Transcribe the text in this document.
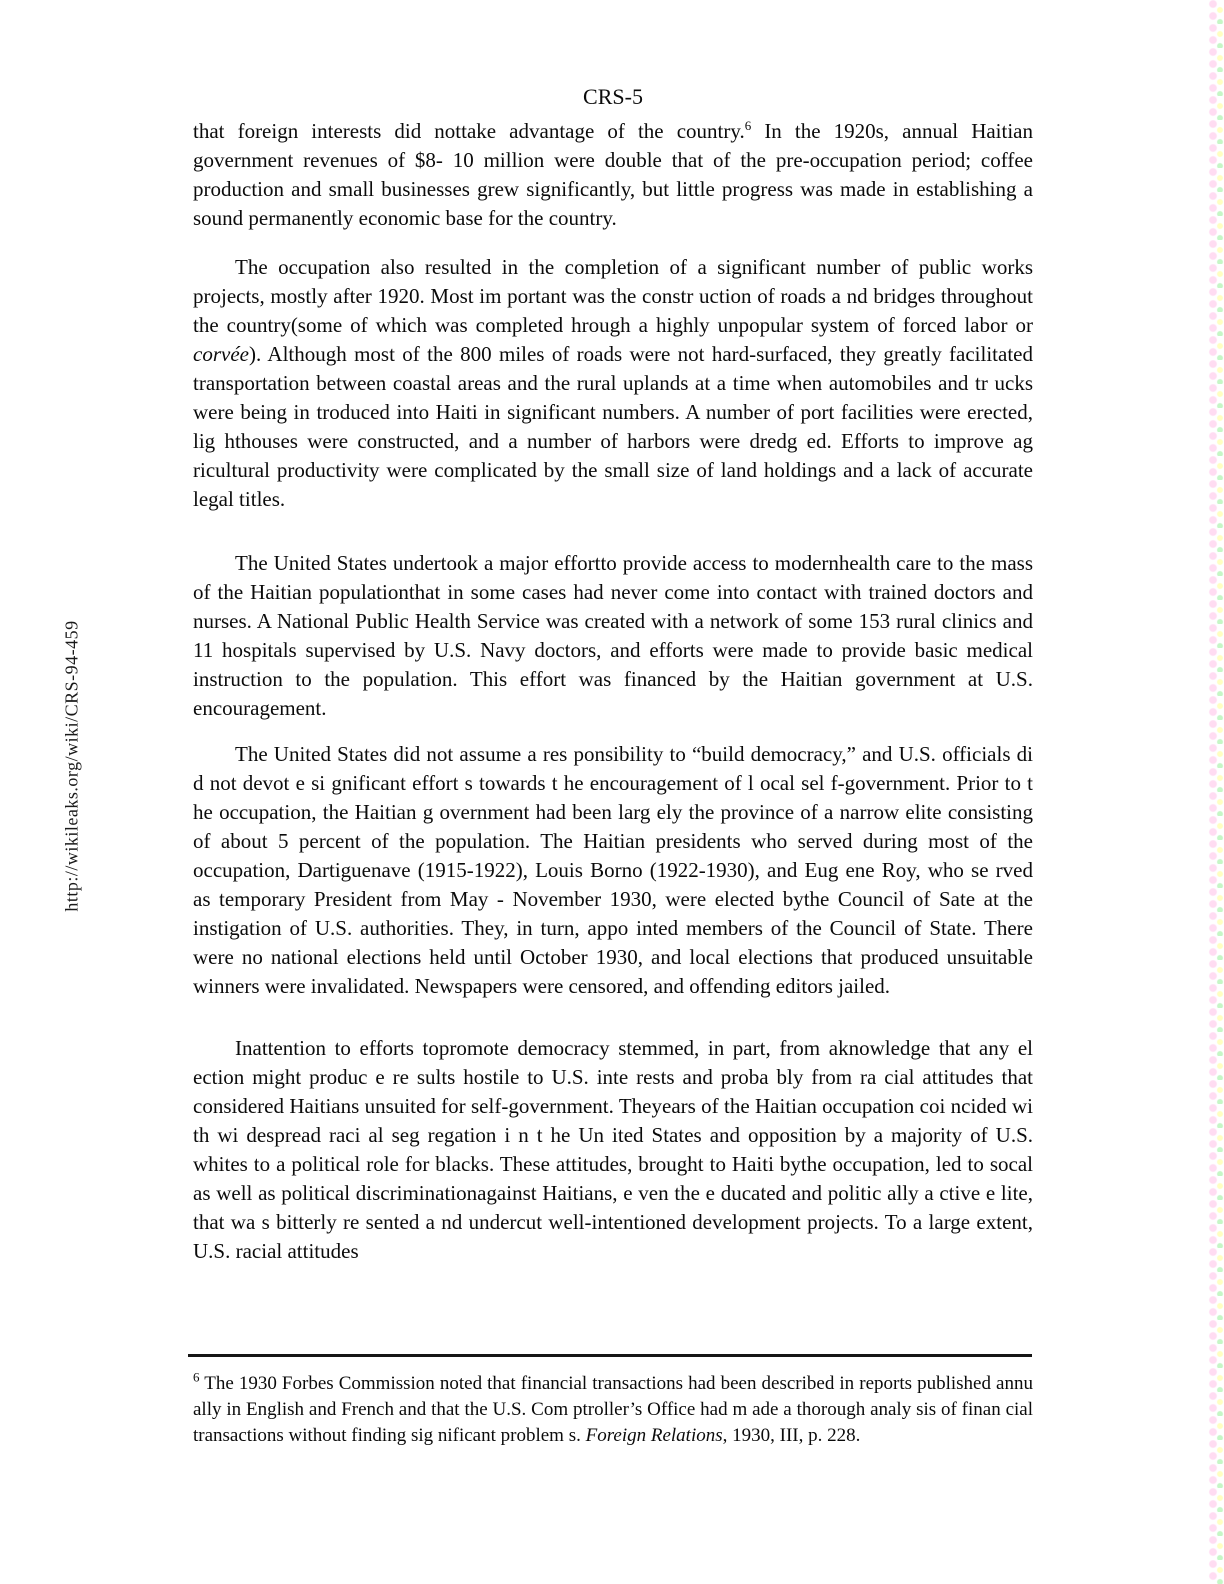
http://wikileaks.org/wiki/CRS-94-459
CRS-5

that foreign interests did nottake advantage of the country.$^6$ In the 1920s, annual Haitian government revenues of $8- 10 million were double that of the pre-occupation period; coffee production and small businesses grew significantly, but little progress was made in establishing a sound permanently economic base for the country.

The occupation also resulted in the completion of a significant number of public works projects, mostly after 1920. Most im portant was the constr uction of roads a nd bridges throughout the country(some of which was completed hrough a highly unpopular system of forced labor or corvée). Although most of the 800 miles of roads were not hard-surfaced, they greatly facilitated transportation between coastal areas and the rural uplands at a time when automobiles and tr ucks were being in troduced into Haiti in significant numbers. A number of port facilities were erected, lig hthouses were constructed, and a number of harbors were dredg ed. Efforts to improve ag ricultural productivity were complicated by the small size of land holdings and a lack of accurate legal titles.

The United States undertook a major effortto provide access to modernhealth care to the mass of the Haitian populationthat in some cases had never come into contact with trained doctors and nurses. A National Public Health Service was created with a network of some 153 rural clinics and 11 hospitals supervised by U.S. Navy doctors, and efforts were made to provide basic medical instruction to the population. This effort was financed by the Haitian government at U.S. encouragement.

The United States did not assume a res ponsibility to “build democracy,” and U.S. officials di d not devot e si gnificant effort s towards t he encouragement of l ocal sel f-government. Prior to t he occupation, the Haitian g overnment had been larg ely the province of a narrow elite consisting of about 5 percent of the population. The Haitian presidents who served during most of the occupation, Dartiguenave (1915-1922), Louis Borno (1922-1930), and Eug ene Roy, who se rved as temporary President from May - November 1930, were elected bythe Council of Sate at the instigation of U.S. authorities. They, in turn, appo inted members of the Council of State. There were no national elections held until October 1930, and local elections that produced unsuitable winners were invalidated. Newspapers were censored, and offending editors jailed.

Inattention to efforts topromote democracy stemmed, in part, from aknowledge that any el ection might produc e re sults hostile to U.S. inte rests and proba bly from ra cial attitudes that considered Haitians unsuited for self-government. Theyears of the Haitian occupation coi ncided wi th wi despread raci al seg regation i n t he Un ited States and opposition by a majority of U.S. whites to a political role for blacks. These attitudes, brought to Haiti bythe occupation, led to socal as well as political discriminationagainst Haitians, e ven the e ducated and politic ally a ctive e lite, that wa s bitterly re sented a nd undercut well-intentioned development projects. To a large extent, U.S. racial attitudes

$^6$ The 1930 Forbes Commission noted that financial transactions had been described in reports published annu ally in English and French and that the U.S. Com ptroller’s Office had m ade a thorough analy sis of finan cial transactions without finding sig nificant problem s. Foreign Relations, 1930, III, p. 228.
